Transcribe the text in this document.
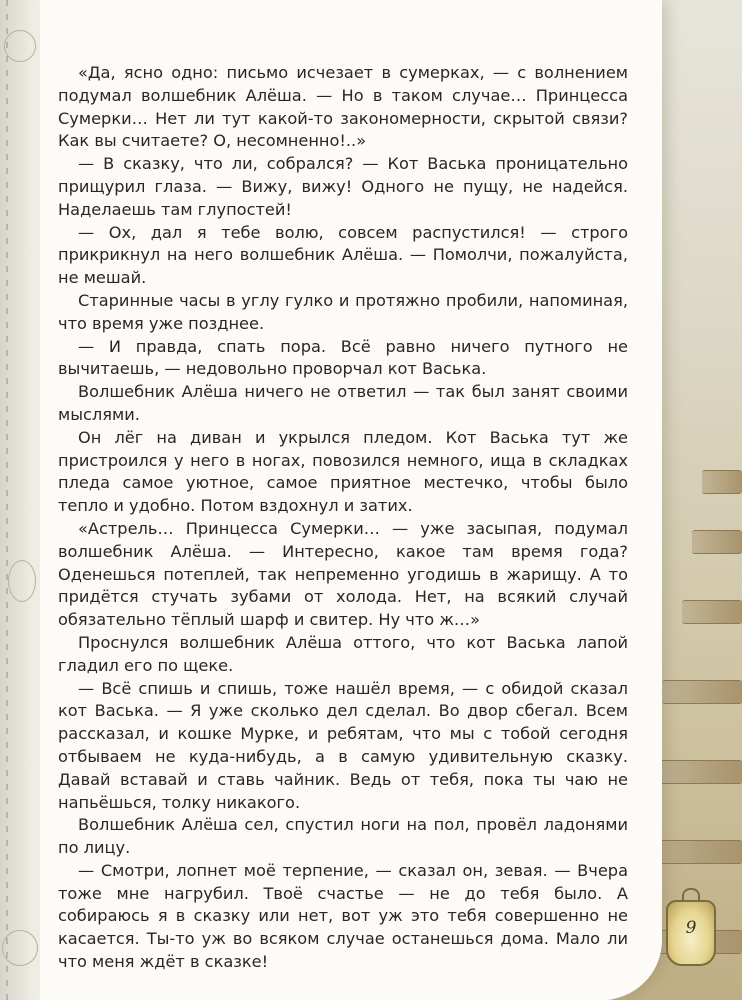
«Да, ясно одно: письмо исчезает в сумерках, — с волнением подумал волшебник Алёша. — Но в таком случае… Принцесса Сумерки… Нет ли тут какой-то закономерности, скрытой связи? Как вы считаете? О, несомненно!..»

— В сказку, что ли, собрался? — Кот Васька проницательно прищурил глаза. — Вижу, вижу! Одного не пущу, не надейся. Наделаешь там глупостей!

— Ох, дал я тебе волю, совсем распустился! — строго прикрикнул на него волшебник Алёша. — Помолчи, пожалуйста, не мешай.

Старинные часы в углу гулко и протяжно пробили, напоминая, что время уже позднее.

— И правда, спать пора. Всё равно ничего путного не вычитаешь, — недовольно проворчал кот Васька.

Волшебник Алёша ничего не ответил — так был занят своими мыслями.

Он лёг на диван и укрылся пледом. Кот Васька тут же пристроился у него в ногах, повозился немного, ища в складках пледа самое уютное, самое приятное местечко, чтобы было тепло и удобно. Потом вздохнул и затих.

«Астрель… Принцесса Сумерки… — уже засыпая, подумал волшебник Алёша. — Интересно, какое там время года? Оденешься потеплей, так непременно угодишь в жарищу. А то придётся стучать зубами от холода. Нет, на всякий случай обязательно тёплый шарф и свитер. Ну что ж…»

Проснулся волшебник Алёша оттого, что кот Васька лапой гладил его по щеке.

— Всё спишь и спишь, тоже нашёл время, — с обидой сказал кот Васька. — Я уже сколько дел сделал. Во двор сбегал. Всем рассказал, и кошке Мурке, и ребятам, что мы с тобой сегодня отбываем не куда-нибудь, а в самую удивительную сказку. Давай вставай и ставь чайник. Ведь от тебя, пока ты чаю не напьёшься, толку никакого.

Волшебник Алёша сел, спустил ноги на пол, провёл ладонями по лицу.

— Смотри, лопнет моё терпение, — сказал он, зевая. — Вчера тоже мне нагрубил. Твоё счастье — не до тебя было. А собираюсь я в сказку или нет, вот уж это тебя совершенно не касается. Ты-то уж во всяком случае останешься дома. Мало ли что меня ждёт в сказке!

9
